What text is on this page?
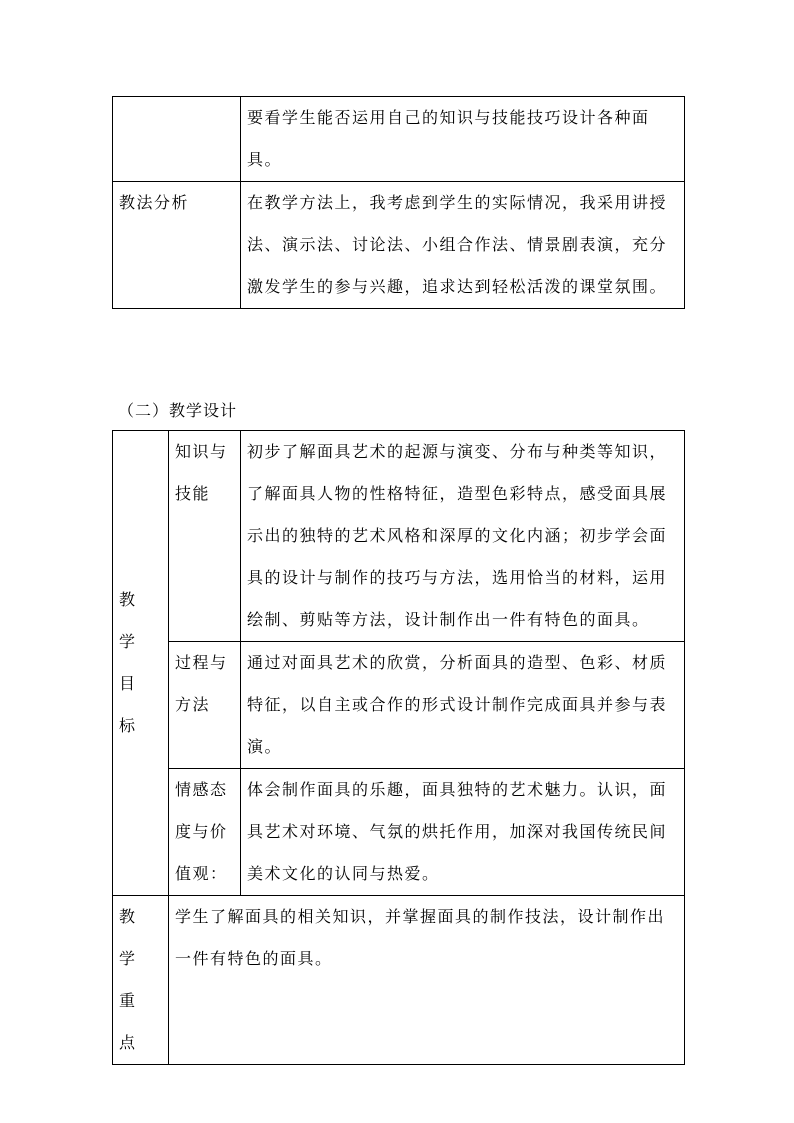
	要看学生能否运用自己的知识与技能技巧设计各种面具。
教法分析	在教学方法上，我考虑到学生的实际情况，我采用讲授法、演示法、讨论法、小组合作法、情景剧表演，充分激发学生的参与兴趣，追求达到轻松活泼的课堂氛围。
（二）教学设计
教学目标	知识与技能	初步了解面具艺术的起源与演变、分布与种类等知识，了解面具人物的性格特征，造型色彩特点，感受面具展示出的独特的艺术风格和深厚的文化内涵；初步学会面具的设计与制作的技巧与方法，选用恰当的材料，运用绘制、剪贴等方法，设计制作出一件有特色的面具。
	过程与方法	通过对面具艺术的欣赏，分析面具的造型、色彩、材质特征，以自主或合作的形式设计制作完成面具并参与表演。
	情感态度与价值观：	体会制作面具的乐趣，面具独特的艺术魅力。认识，面具艺术对环境、气氛的烘托作用，加深对我国传统民间美术文化的认同与热爱。
教学重点	学生了解面具的相关知识，并掌握面具的制作技法，设计制作出一件有特色的面具。	
